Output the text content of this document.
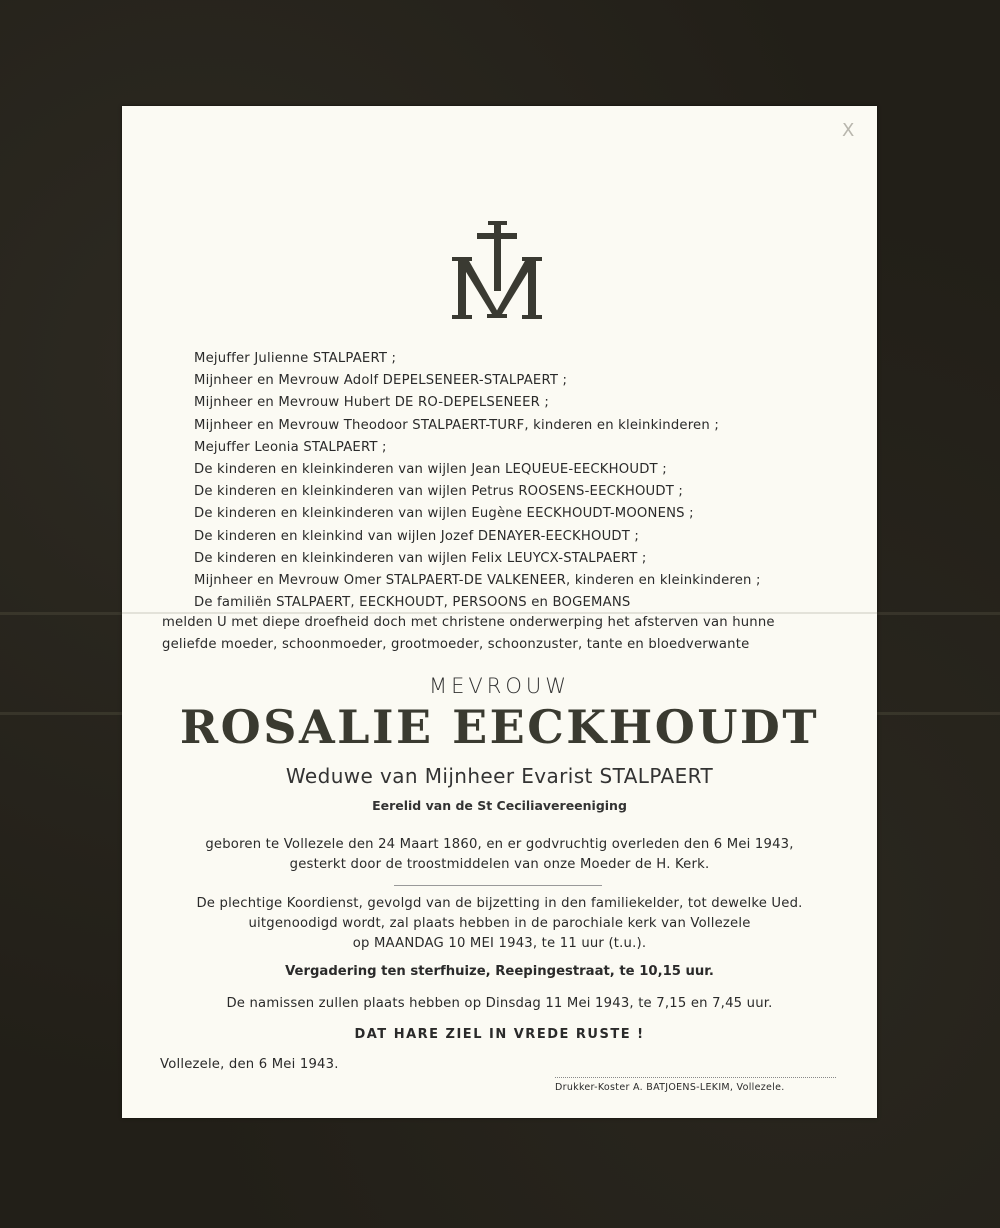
X
Mejuffer Julienne STALPAERT ;
Mijnheer en Mevrouw Adolf DEPELSENEER-STALPAERT ;
Mijnheer en Mevrouw Hubert DE RO-DEPELSENEER ;
Mijnheer en Mevrouw Theodoor STALPAERT-TURF, kinderen en kleinkinderen ;
Mejuffer Leonia STALPAERT ;
De kinderen en kleinkinderen van wijlen Jean LEQUEUE-EECKHOUDT ;
De kinderen en kleinkinderen van wijlen Petrus ROOSENS-EECKHOUDT ;
De kinderen en kleinkinderen van wijlen Eugène EECKHOUDT-MOONENS ;
De kinderen en kleinkind van wijlen Jozef DENAYER-EECKHOUDT ;
De kinderen en kleinkinderen van wijlen Felix LEUYCX-STALPAERT ;
Mijnheer en Mevrouw Omer STALPAERT-DE VALKENEER, kinderen en kleinkinderen ;
De familiën STALPAERT, EECKHOUDT, PERSOONS en BOGEMANS
melden U met diepe droefheid doch met christene onderwerping het afsterven van hunne
geliefde moeder, schoonmoeder, grootmoeder, schoonzuster, tante en bloedverwante
MEVROUW
ROSALIE EECKHOUDT
Weduwe van Mijnheer Evarist STALPAERT
Eerelid van de St Ceciliavereeniging
geboren te Vollezele den 24 Maart 1860, en er godvruchtig overleden den 6 Mei 1943,
gesterkt door de troostmiddelen van onze Moeder de H. Kerk.
De plechtige Koordienst, gevolgd van de bijzetting in den familiekelder, tot dewelke Ued.
uitgenoodigd wordt, zal plaats hebben in de parochiale kerk van Vollezele
op MAANDAG 10 MEI 1943, te 11 uur (t.u.).
Vergadering ten sterfhuize, Reepingestraat, te 10,15 uur.
De namissen zullen plaats hebben op Dinsdag 11 Mei 1943, te 7,15 en 7,45 uur.
DAT HARE ZIEL IN VREDE RUSTE !
Vollezele, den 6 Mei 1943.
Drukker-Koster A. BATJOENS-LEKIM, Vollezele.
